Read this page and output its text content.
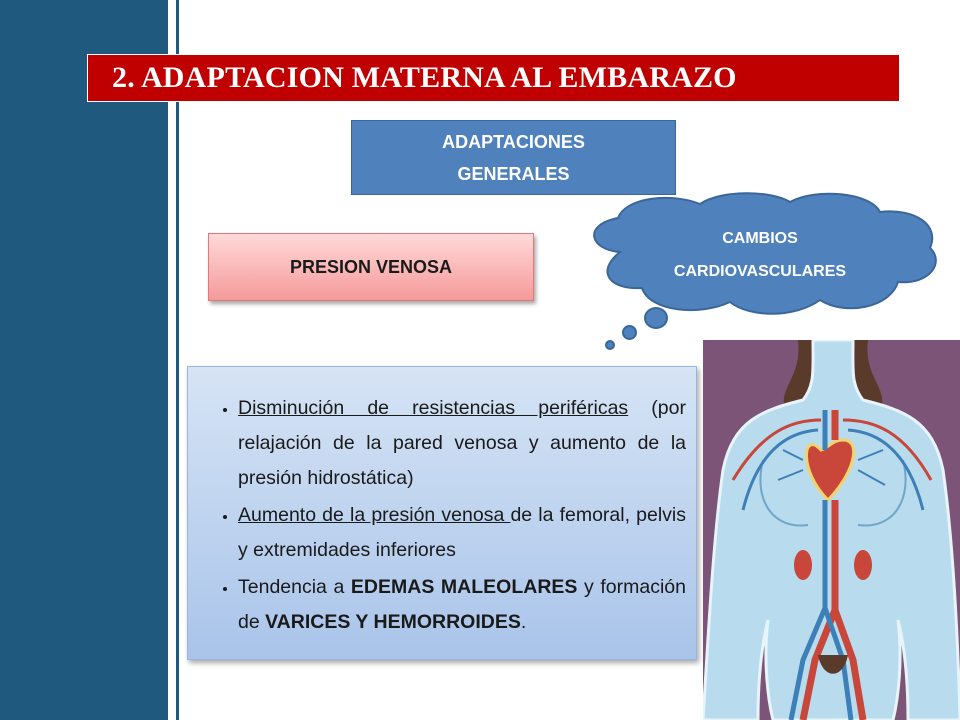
2. ADAPTACION MATERNA AL EMBARAZO
ADAPTACIONES
GENERALES
PRESION VENOSA
CAMBIOS
CARDIOVASCULARES
• Disminución de resistencias periféricas (por relajación de la pared venosa y aumento de la presión hidrostática)
• Aumento de la presión venosa de la femoral, pelvis y extremidades inferiores
• Tendencia a EDEMAS MALEOLARES y formación de VARICES Y HEMORROIDES.
